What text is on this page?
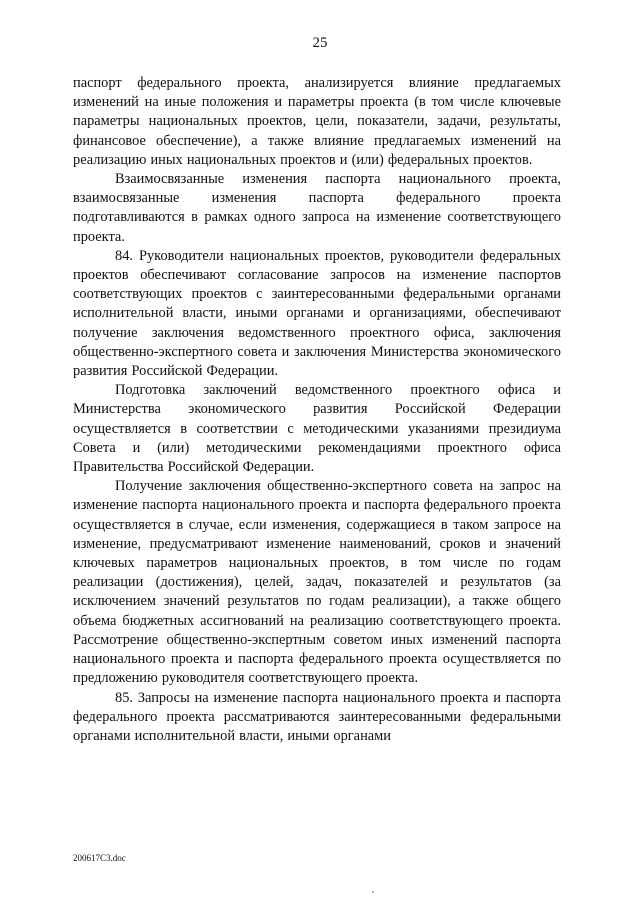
25

паспорт федерального проекта, анализируется влияние предлагаемых изменений на иные положения и параметры проекта (в том числе ключевые параметры национальных проектов, цели, показатели, задачи, результаты, финансовое обеспечение), а также влияние предлагаемых изменений на реализацию иных национальных проектов и (или) федеральных проектов.

Взаимосвязанные изменения паспорта национального проекта, взаимосвязанные изменения паспорта федерального проекта подготавливаются в рамках одного запроса на изменение соответствующего проекта.

84. Руководители национальных проектов, руководители федеральных проектов обеспечивают согласование запросов на изменение паспортов соответствующих проектов с заинтересованными федеральными органами исполнительной власти, иными органами и организациями, обеспечивают получение заключения ведомственного проектного офиса, заключения общественно-экспертного совета и заключения Министерства экономического развития Российской Федерации.

Подготовка заключений ведомственного проектного офиса и Министерства экономического развития Российской Федерации осуществляется в соответствии с методическими указаниями президиума Совета и (или) методическими рекомендациями проектного офиса Правительства Российской Федерации.

Получение заключения общественно-экспертного совета на запрос на изменение паспорта национального проекта и паспорта федерального проекта осуществляется в случае, если изменения, содержащиеся в таком запросе на изменение, предусматривают изменение наименований, сроков и значений ключевых параметров национальных проектов, в том числе по годам реализации (достижения), целей, задач, показателей и результатов (за исключением значений результатов по годам реализации), а также общего объема бюджетных ассигнований на реализацию соответствующего проекта. Рассмотрение общественно-экспертным советом иных изменений паспорта национального проекта и паспорта федерального проекта осуществляется по предложению руководителя соответствующего проекта.

85. Запросы на изменение паспорта национального проекта и паспорта федерального проекта рассматриваются заинтересованными федеральными органами исполнительной власти, иными органами

200617С3.doc
